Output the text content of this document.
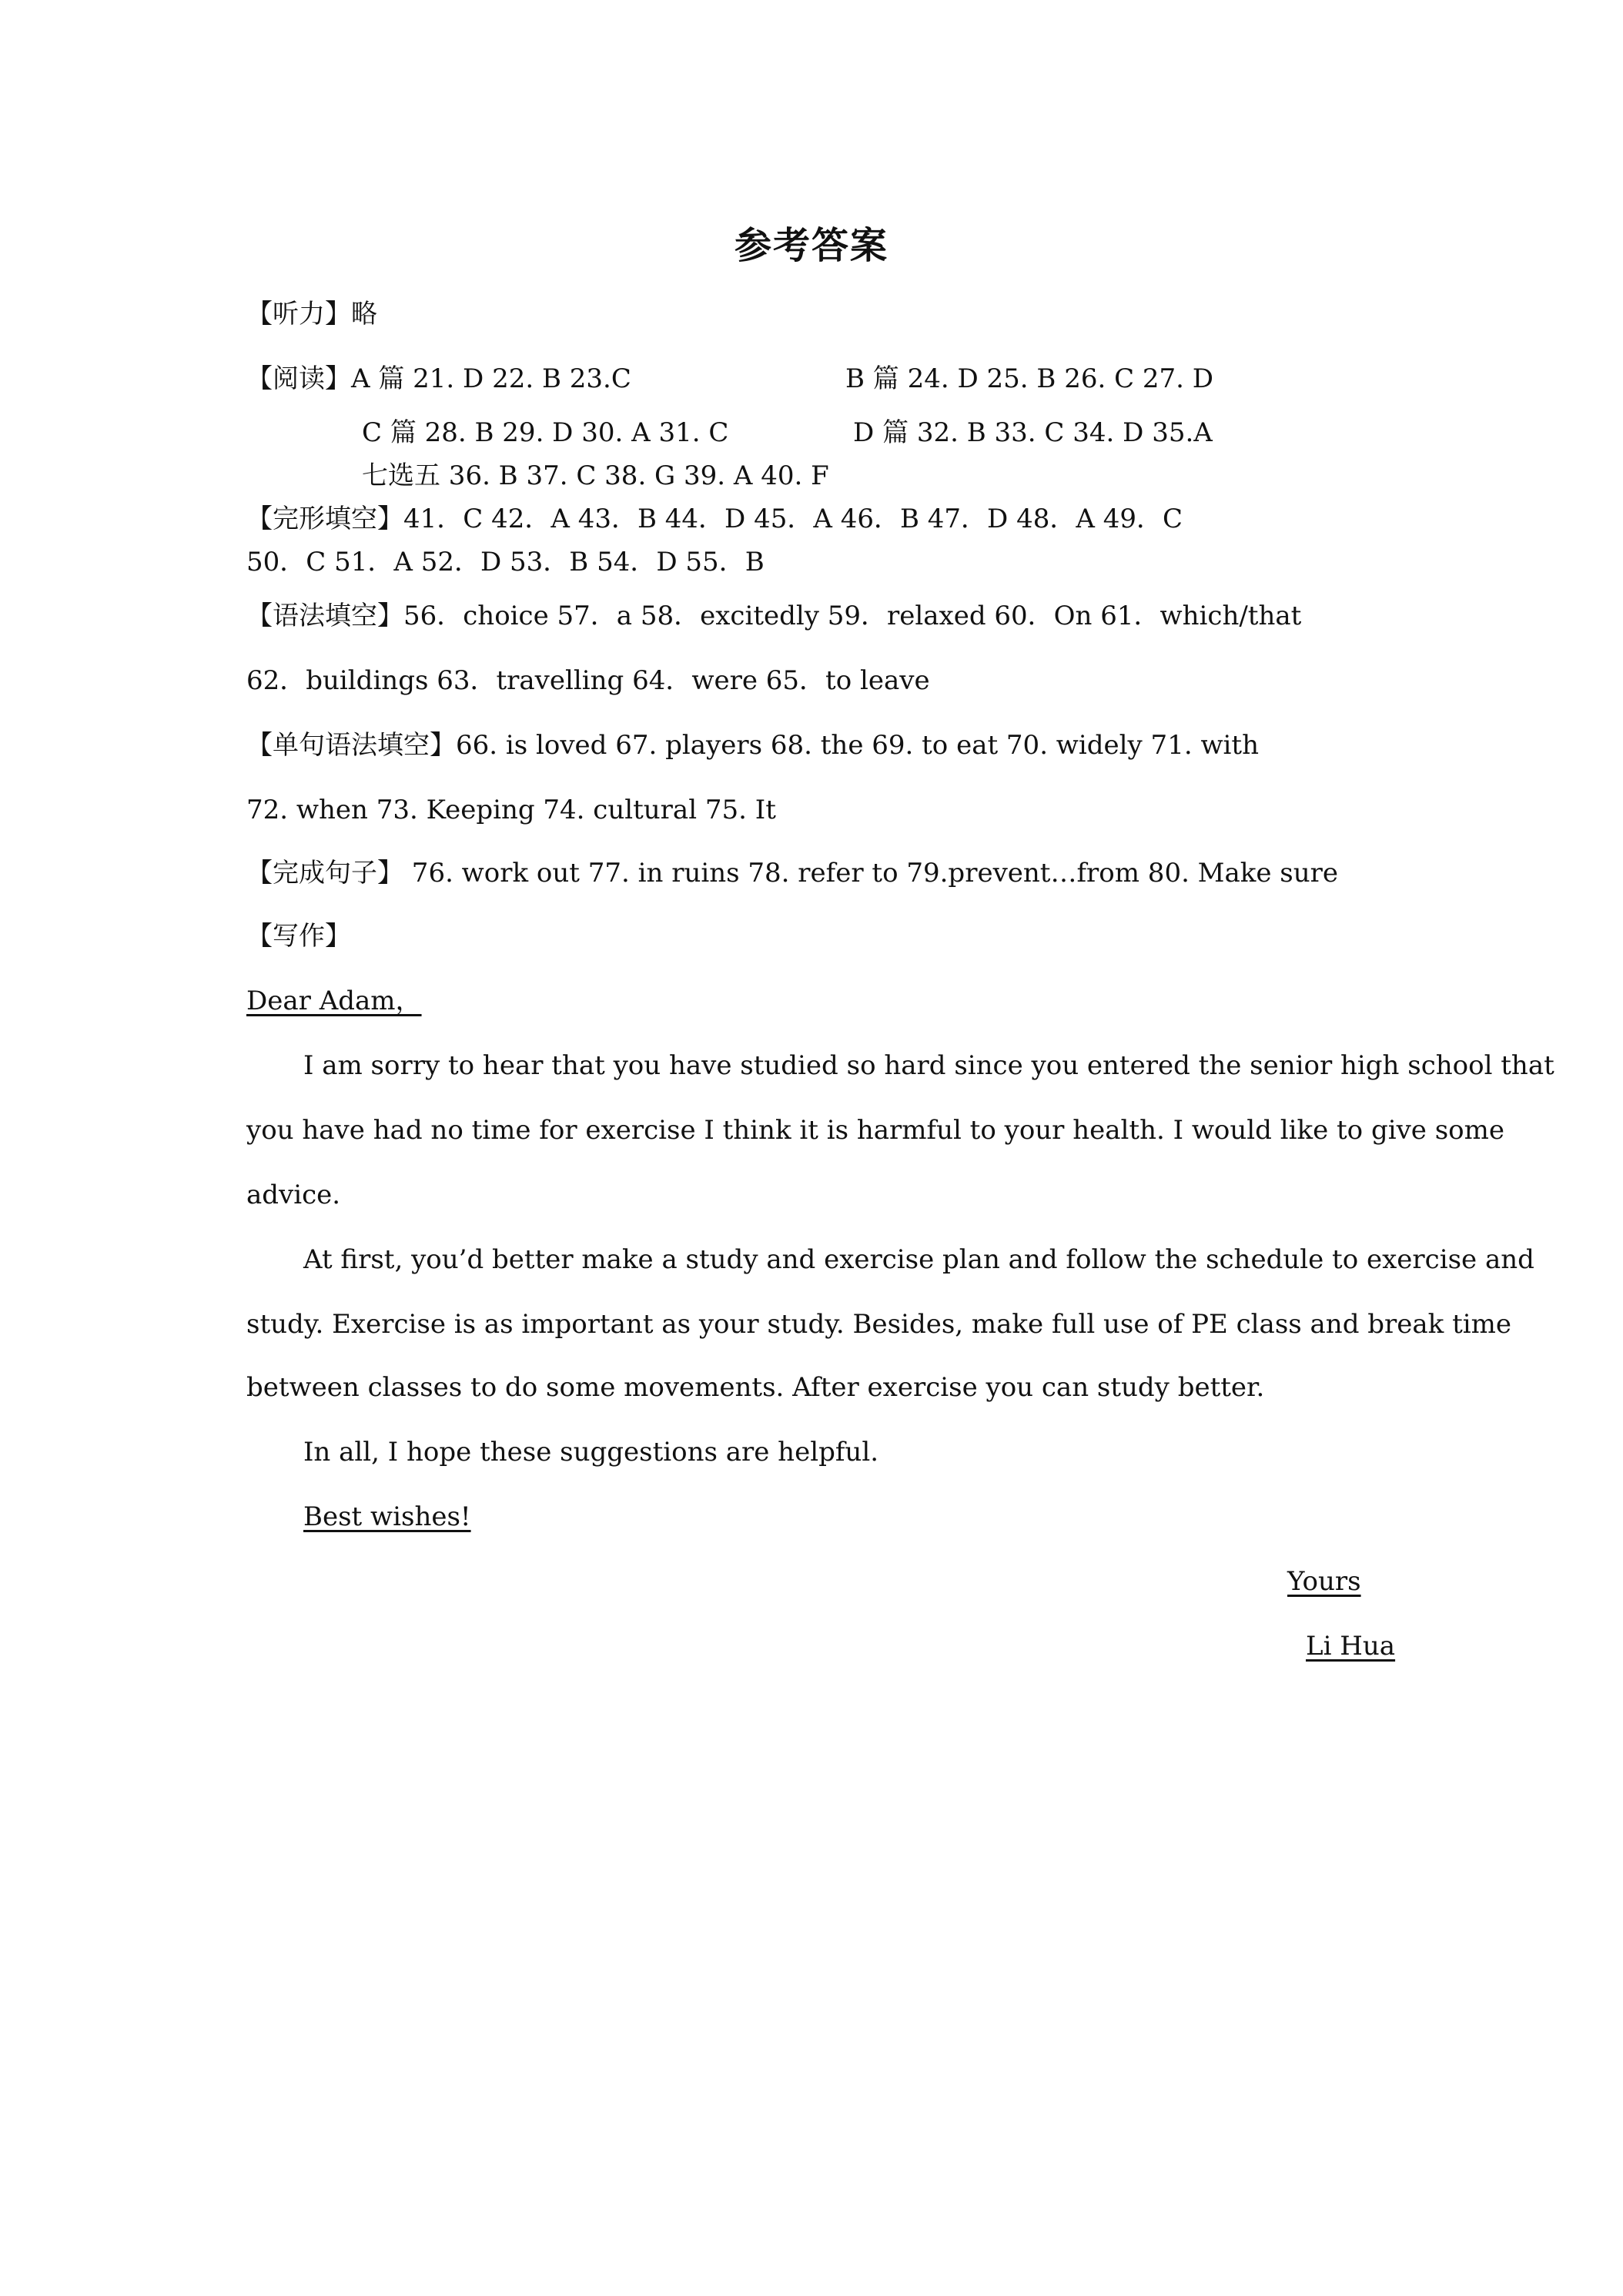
参考答案
【听力】略
【阅读】A 篇 21. D 22. B 23.C	B 篇 24. D 25. B 26. C 27. D
C 篇 28. B 29. D 30. A 31. C	D 篇 32. B 33. C 34. D 35.A
七选五 36. B 37. C 38. G 39. A 40. F
【完形填空】41．C 42．A 43．B 44．D 45．A 46．B 47．D 48．A 49．C
50．C 51．A 52．D 53．B 54．D 55．B
【语法填空】56．choice 57．a 58．excitedly 59．relaxed 60．On 61．which/that
62．buildings 63．travelling 64．were 65．to leave
【单句语法填空】66. is loved 67. players 68. the 69. to eat 70. widely 71. with
72. when 73. Keeping 74. cultural 75. It
【完成句子】 76. work out 77. in ruins 78. refer to 79.prevent…from 80. Make sure
【写作】
Dear Adam，
I am sorry to hear that you have studied so hard since you entered the senior high school that
you have had no time for exercise I think it is harmful to your health. I would like to give some
advice.
At first, you’d better make a study and exercise plan and follow the schedule to exercise and
study. Exercise is as important as your study. Besides, make full use of PE class and break time
between classes to do some movements. After exercise you can study better.
In all, I hope these suggestions are helpful.
Best wishes!
Yours
Li Hua
